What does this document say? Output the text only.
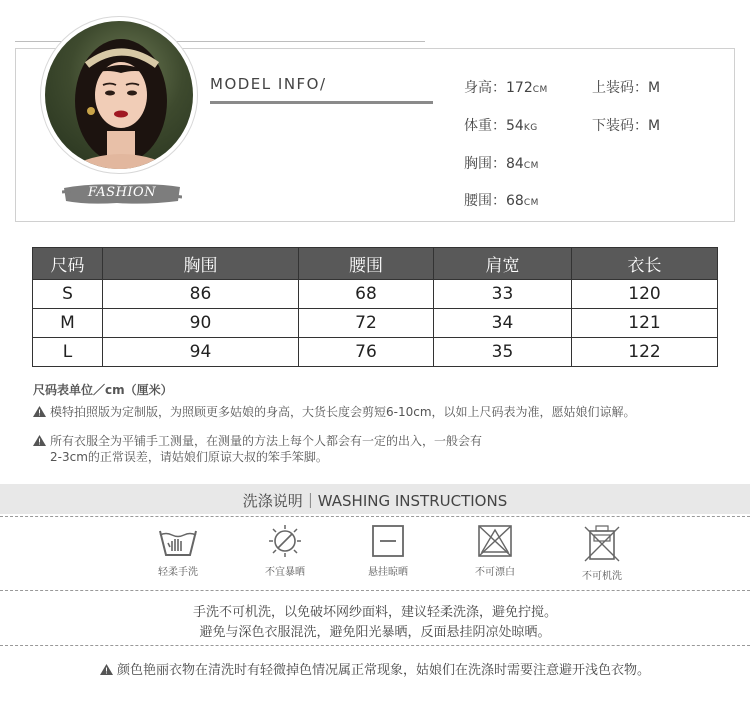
FASHION
MODEL INFO/	身高：172CM
体重：54KG
胸围：84CM
腰围：68CM
上装码：M
下装码：M
尺码	胸围	腰围	肩宽	衣长
S	86	68	33	120
M	90	72	34	121
L	94	76	35	122
尺码表单位／cm（厘米）
模特拍照版为定制版，为照顾更多姑娘的身高，大货长度会剪短6-10cm，以如上尺码表为准，愿姑娘们谅解。
所有衣服全为平铺手工测量，在测量的方法上每个人都会有一定的出入，一般会有
2-3cm的正常误差，请姑娘们原谅大叔的笨手笨脚。
洗涤说明｜WASHING INSTRUCTIONS
轻柔手洗	不宜暴晒	悬挂晾晒	不可漂白	不可机洗
手洗不可机洗，以免破坏网纱面料，建议轻柔洗涤，避免拧搅。
避免与深色衣服混洗，避免阳光暴晒，反面悬挂阴凉处晾晒。
颜色艳丽衣物在清洗时有轻微掉色情况属正常现象，姑娘们在洗涤时需要注意避开浅色衣物。
